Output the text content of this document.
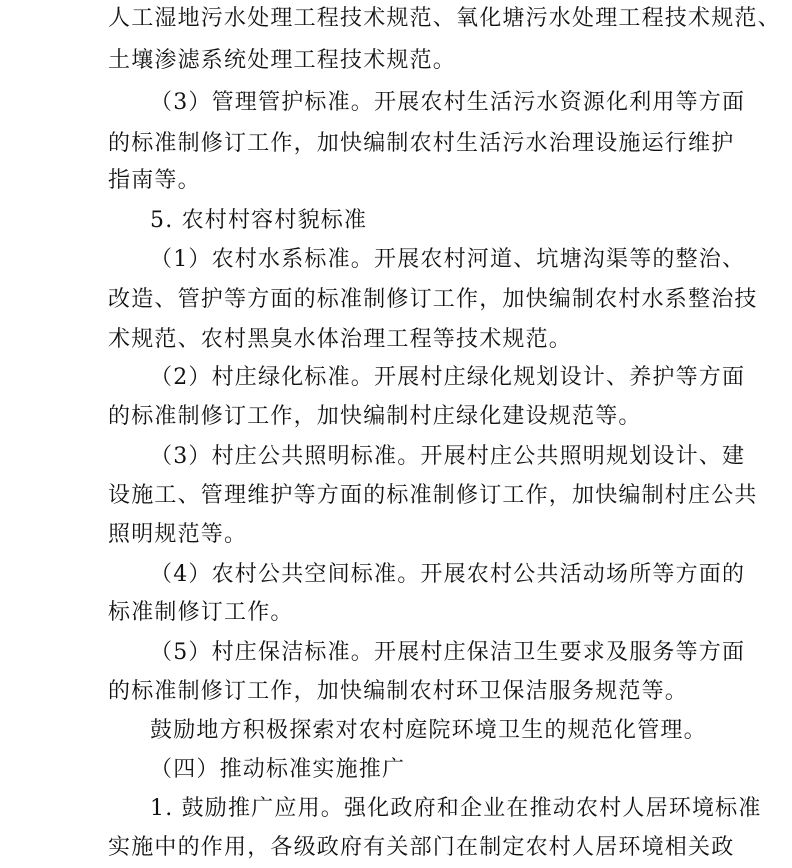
人工湿地污水处理工程技术规范、氧化塘污水处理工程技术规范、
土壤渗滤系统处理工程技术规范。
（3）管理管护标准。开展农村生活污水资源化利用等方面
的标准制修订工作，加快编制农村生活污水治理设施运行维护
指南等。
5. 农村村容村貌标准
（1）农村水系标准。开展农村河道、坑塘沟渠等的整治、
改造、管护等方面的标准制修订工作，加快编制农村水系整治技
术规范、农村黑臭水体治理工程等技术规范。
（2）村庄绿化标准。开展村庄绿化规划设计、养护等方面
的标准制修订工作，加快编制村庄绿化建设规范等。
（3）村庄公共照明标准。开展村庄公共照明规划设计、建
设施工、管理维护等方面的标准制修订工作，加快编制村庄公共
照明规范等。
（4）农村公共空间标准。开展农村公共活动场所等方面的
标准制修订工作。
（5）村庄保洁标准。开展村庄保洁卫生要求及服务等方面
的标准制修订工作，加快编制农村环卫保洁服务规范等。
鼓励地方积极探索对农村庭院环境卫生的规范化管理。
（四）推动标准实施推广
1. 鼓励推广应用。强化政府和企业在推动农村人居环境标准
实施中的作用，各级政府有关部门在制定农村人居环境相关政
